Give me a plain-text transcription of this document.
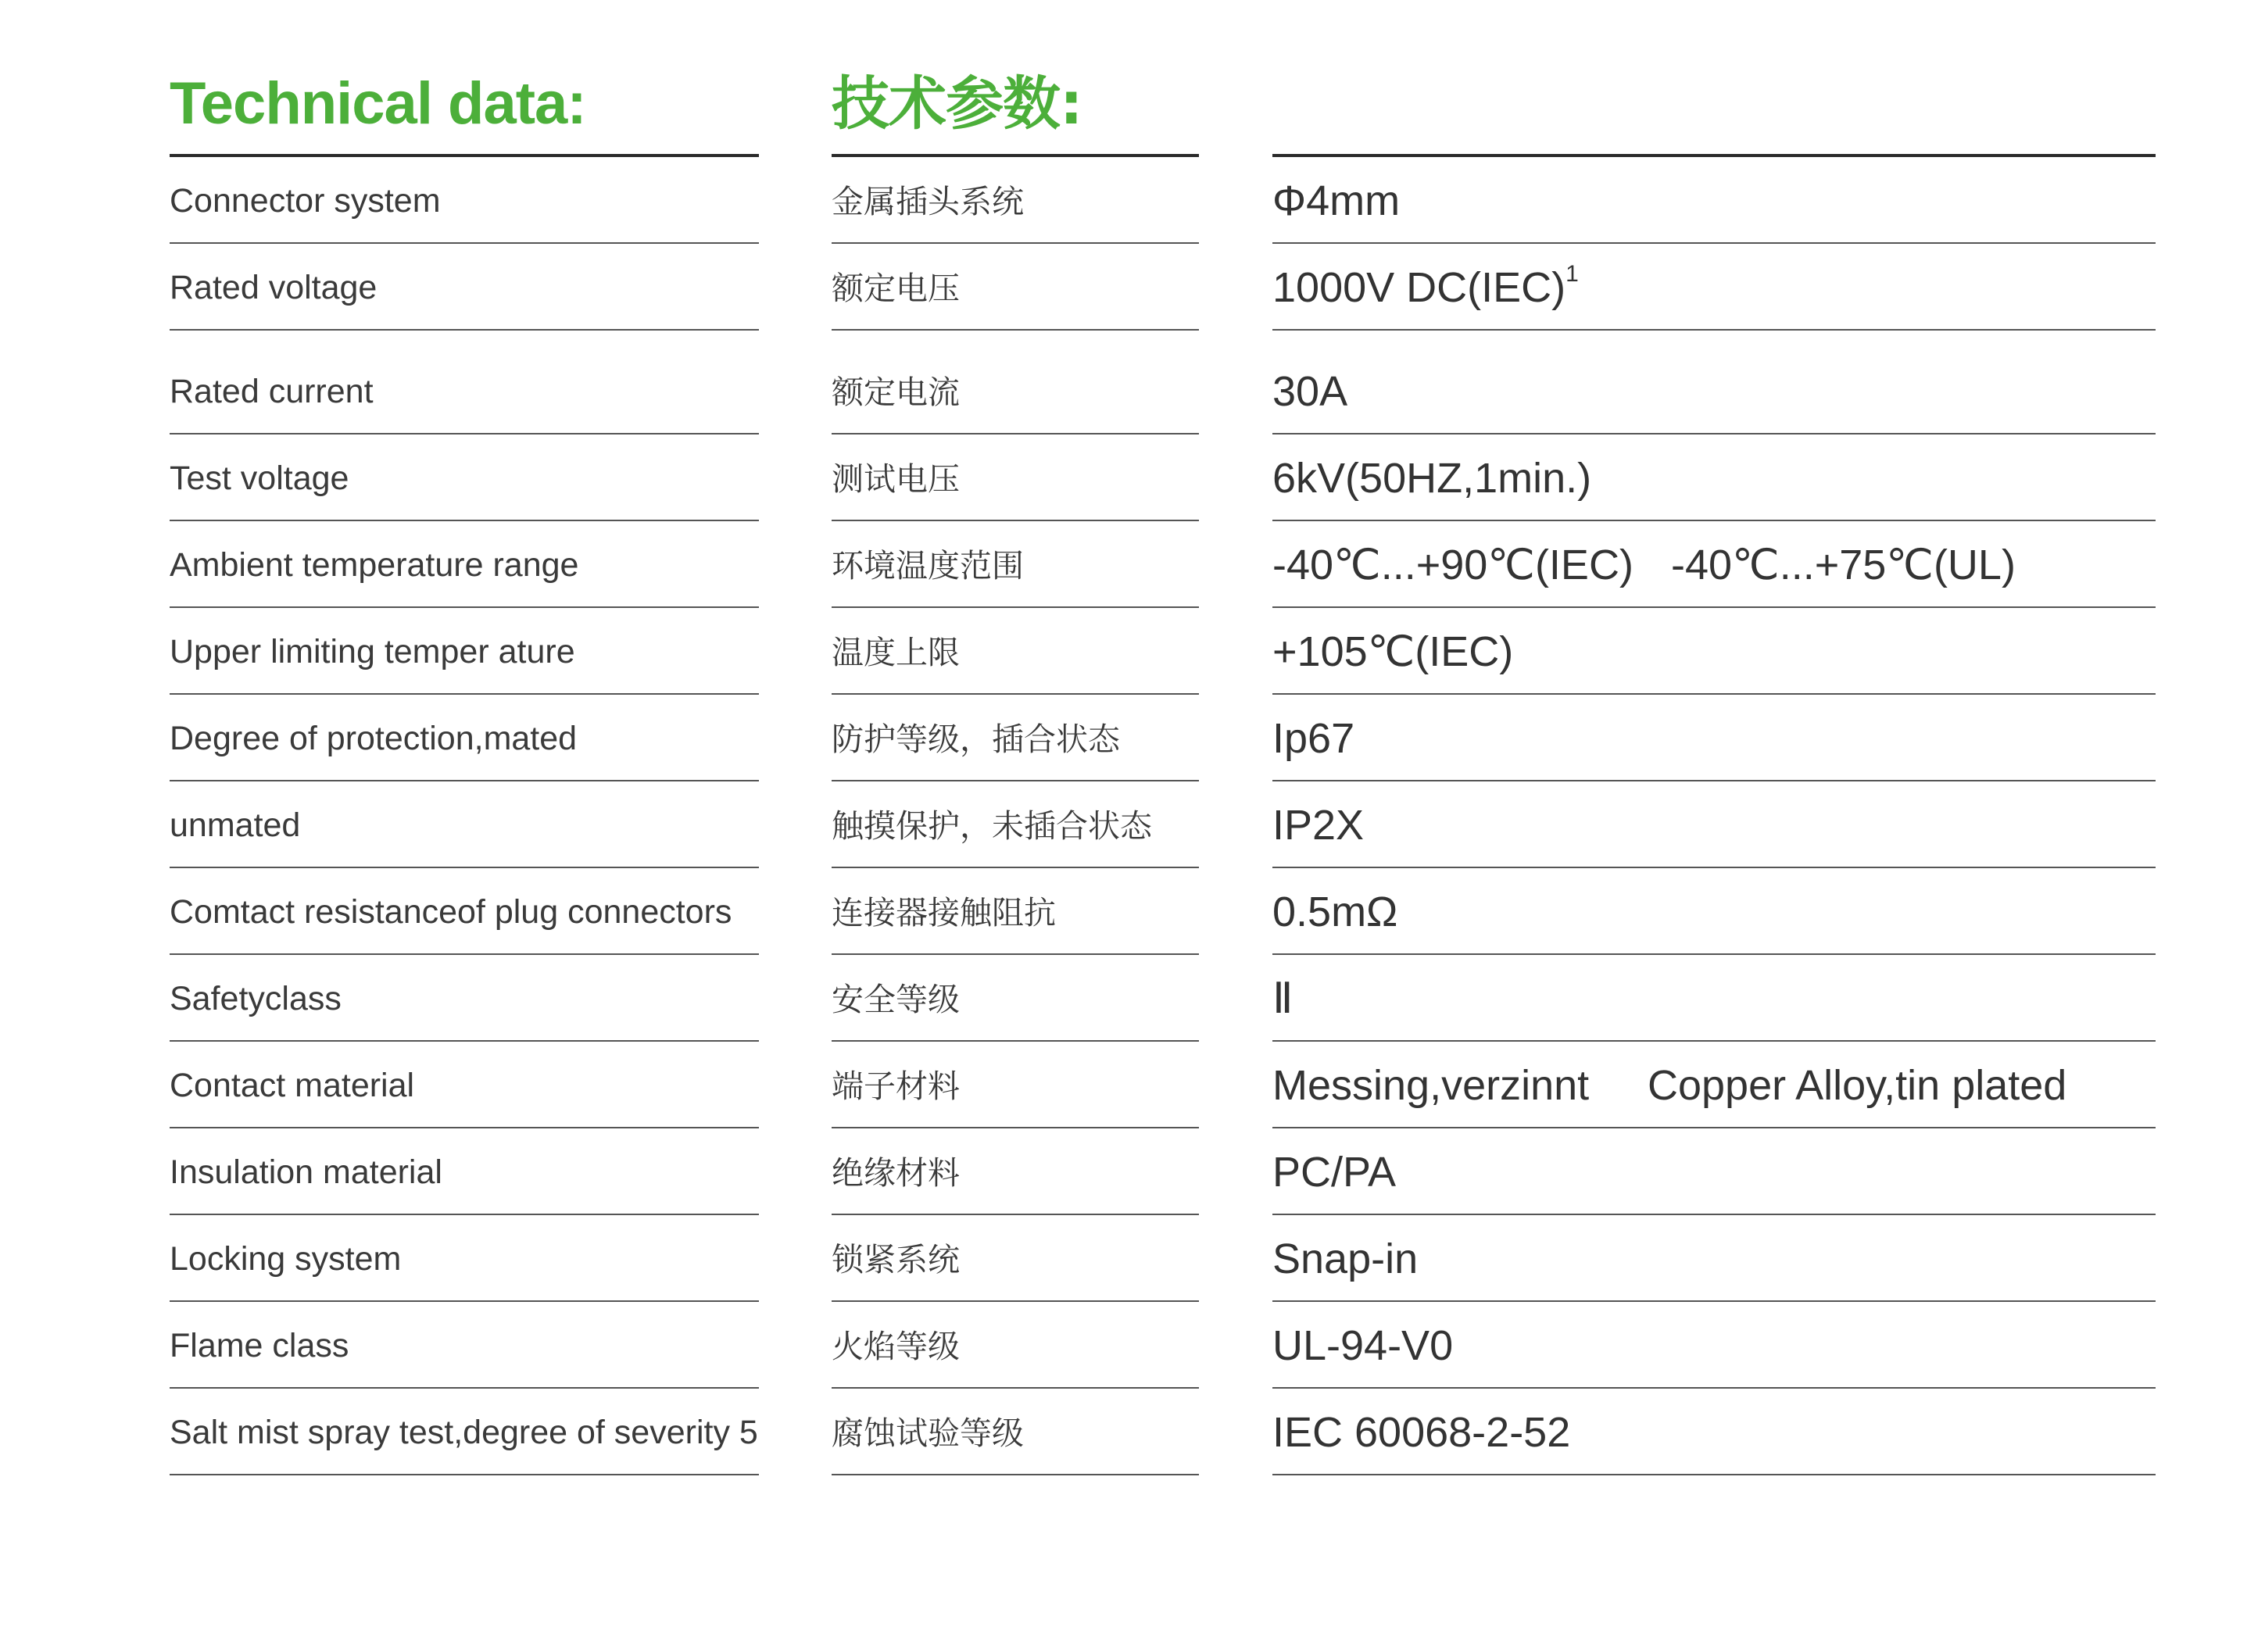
Technical data:
Connector system
Rated voltage
Rated current
Test voltage
Ambient temperature range
Upper limiting temper ature
Degree of protection,mated
unmated
Comtact resistanceof plug connectors
Safetyclass
Contact material
Insulation material
Locking system
Flame class
Salt mist spray test,degree of severity 5
技术参数:
金属插头系统
额定电压
额定电流
测试电压
环境温度范围
温度上限
防护等级，插合状态
触摸保护，未插合状态
连接器接触阻抗
安全等级
端子材料
绝缘材料
锁紧系统
火焰等级
腐蚀试验等级
Φ4mm
1000V DC(IEC)$^1$
30A
6kV(50HZ,1min.)
-40℃...+90℃(IEC) -40℃...+75℃(UL)
+105℃(IEC)
Ip67
IP2X
0.5mΩ
Ⅱ
Messing,verzinnt Copper Alloy,tin plated
PC/PA
Snap-in
UL-94-V0
IEC 60068-2-52
